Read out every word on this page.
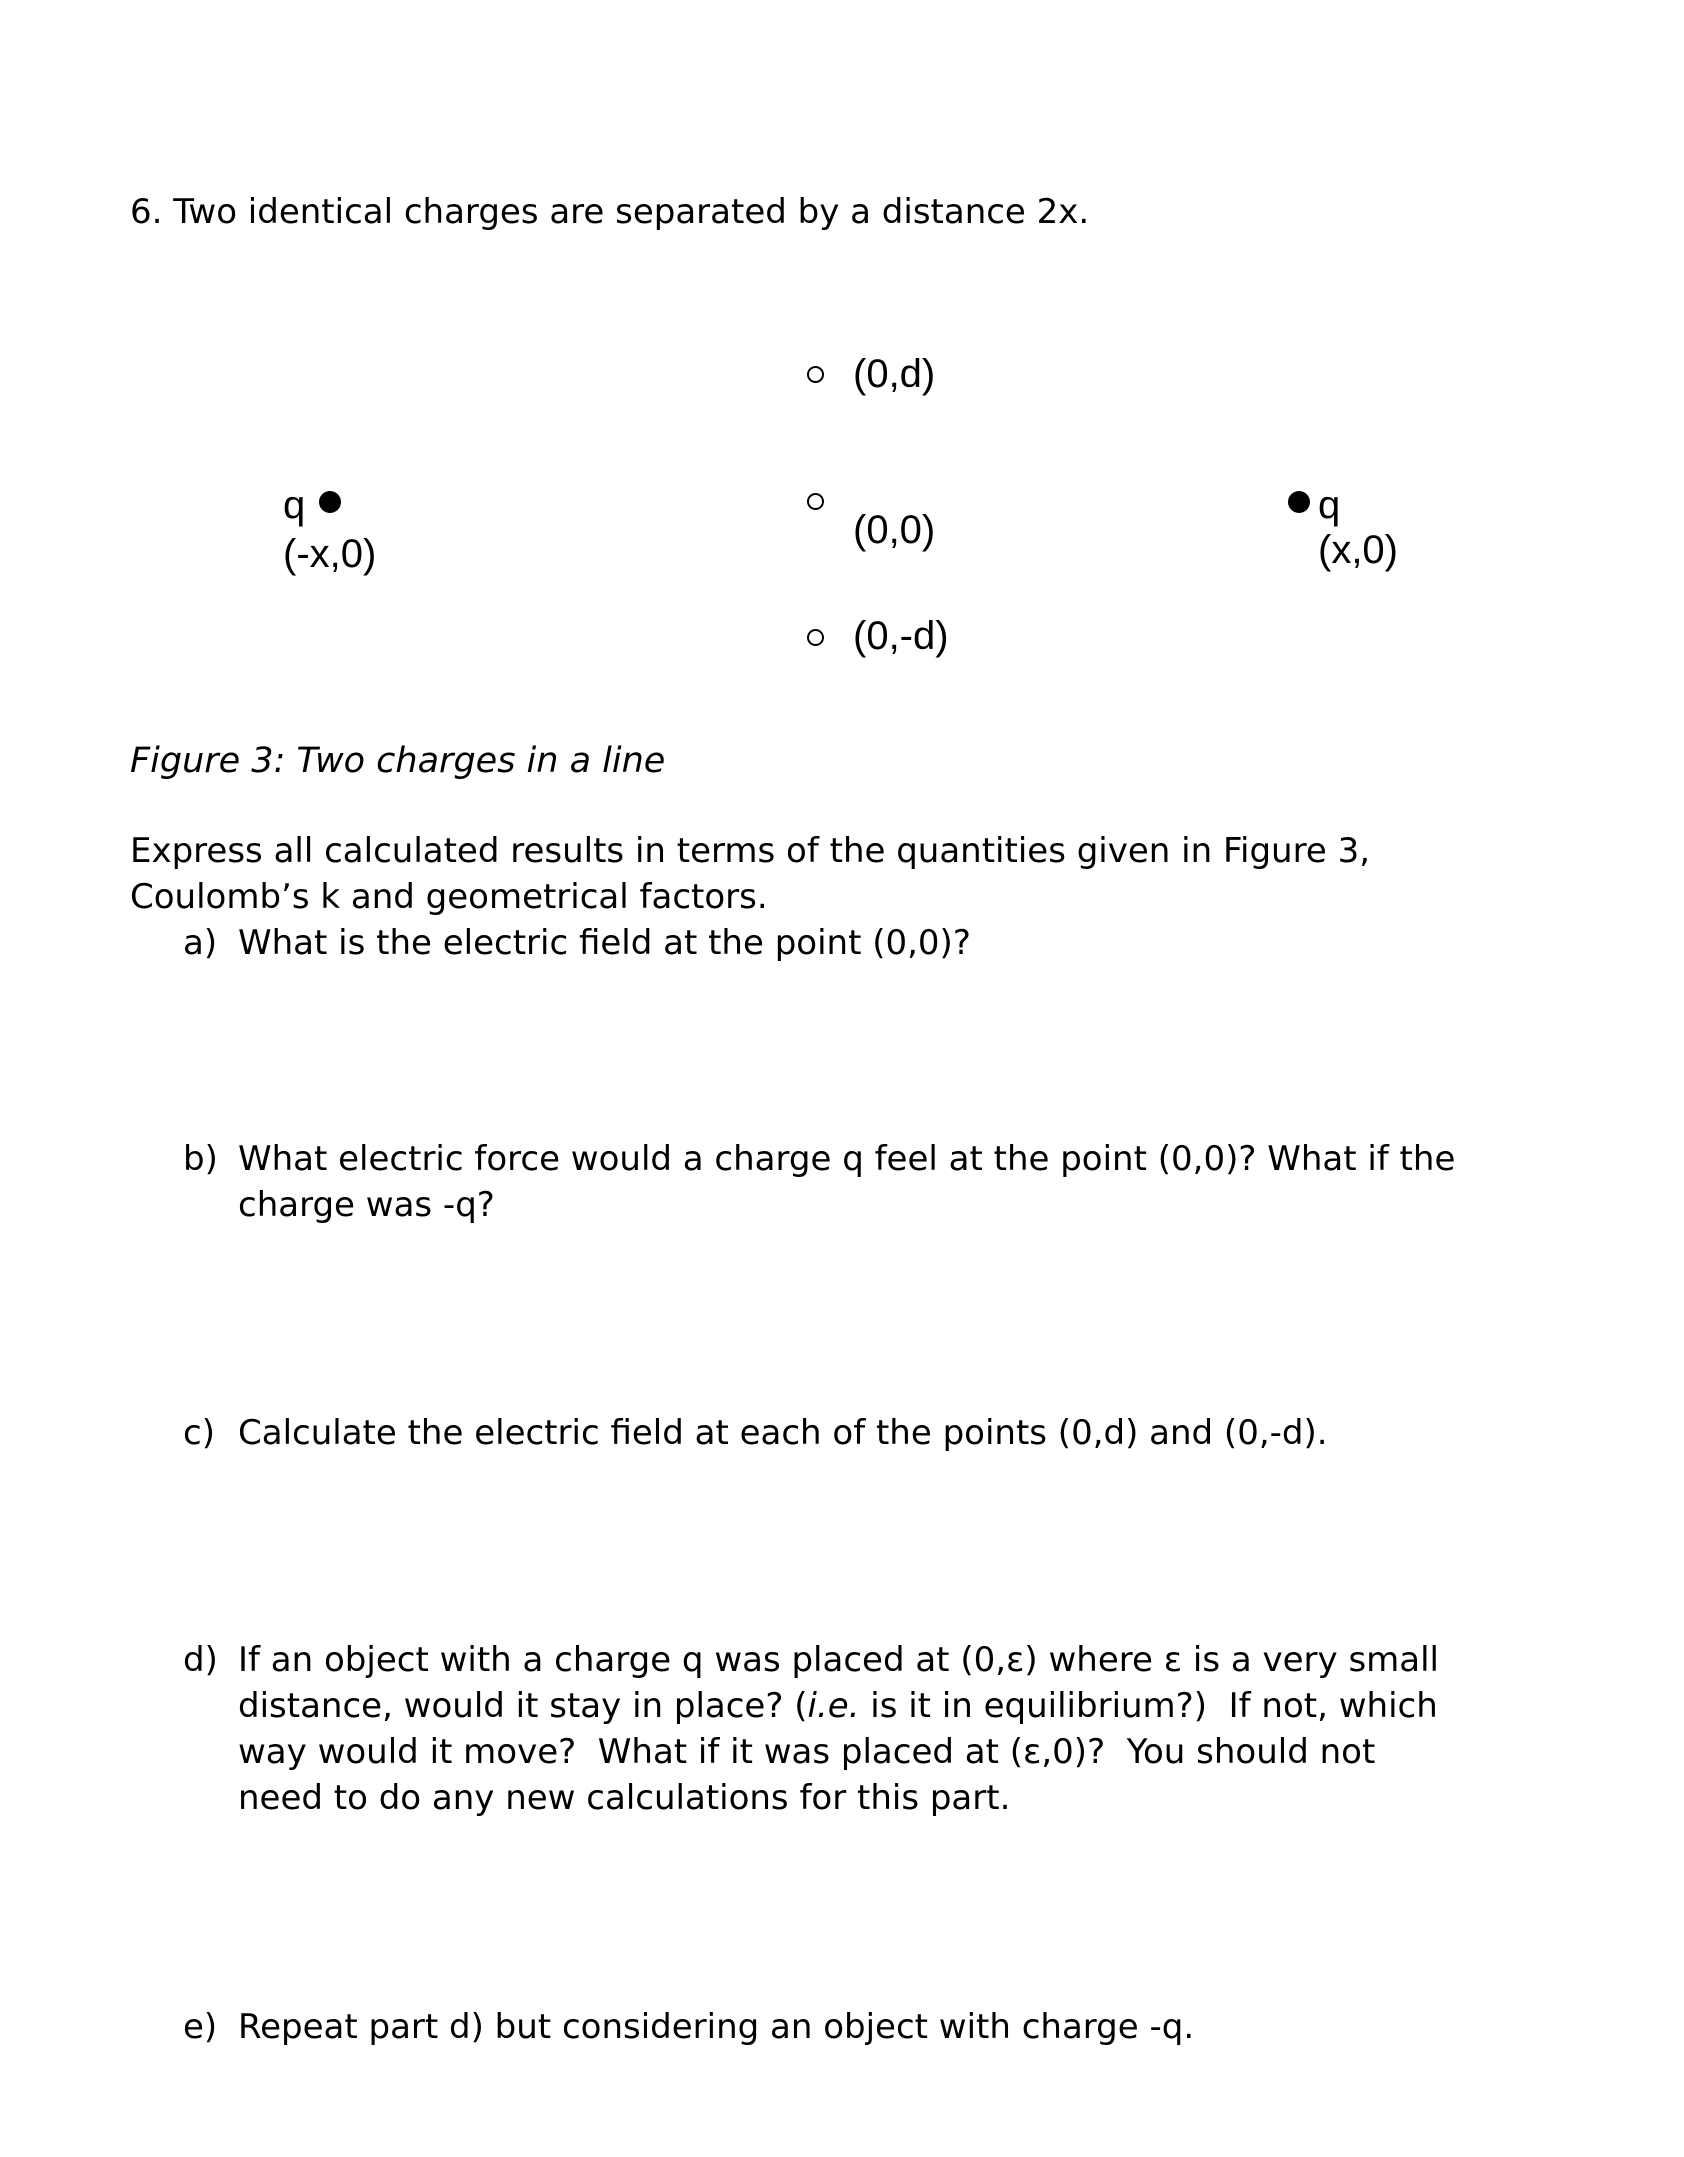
6. Two identical charges are separated by a distance 2x.
q
(-x,0)
q
(x,0)
(0,d)
(0,0)
(0,-d)
Figure 3: Two charges in a line
Express all calculated results in terms of the quantities given in Figure 3,
Coulomb’s k and geometrical factors.
a) What is the electric field at the point (0,0)?
b) What electric force would a charge q feel at the point (0,0)? What if the
charge was -q?
c) Calculate the electric field at each of the points (0,d) and (0,-d).
d) If an object with a charge q was placed at (0,ε) where ε is a very small
distance, would it stay in place? (i.e. is it in equilibrium?)  If not, which
way would it move?  What if it was placed at (ε,0)?  You should not
need to do any new calculations for this part.
e) Repeat part d) but considering an object with charge -q.
